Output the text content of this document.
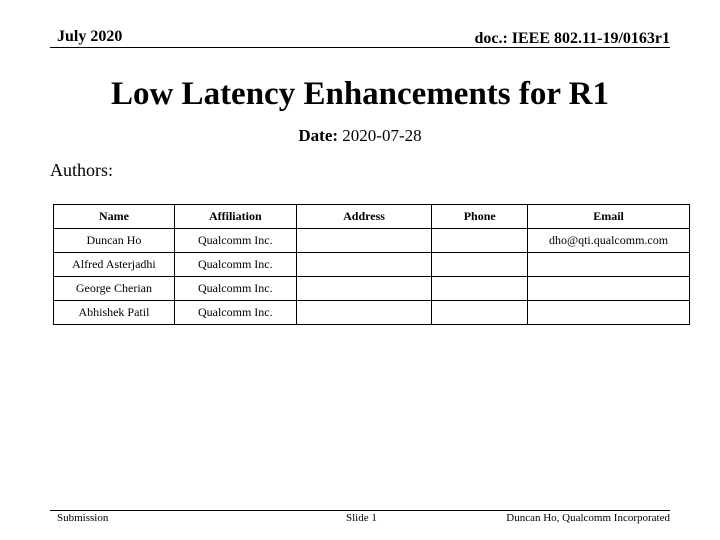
July 2020	doc.: IEEE 802.11-19/0163r1
Low Latency Enhancements for R1
Date: 2020-07-28
Authors:
Name	Affiliation	Address	Phone	Email
Duncan Ho	Qualcomm Inc.			dho@qti.qualcomm.com
Alfred Asterjadhi	Qualcomm Inc.			
George Cherian	Qualcomm Inc.			
Abhishek Patil	Qualcomm Inc.			
Submission	Slide 1	Duncan Ho, Qualcomm Incorporated
